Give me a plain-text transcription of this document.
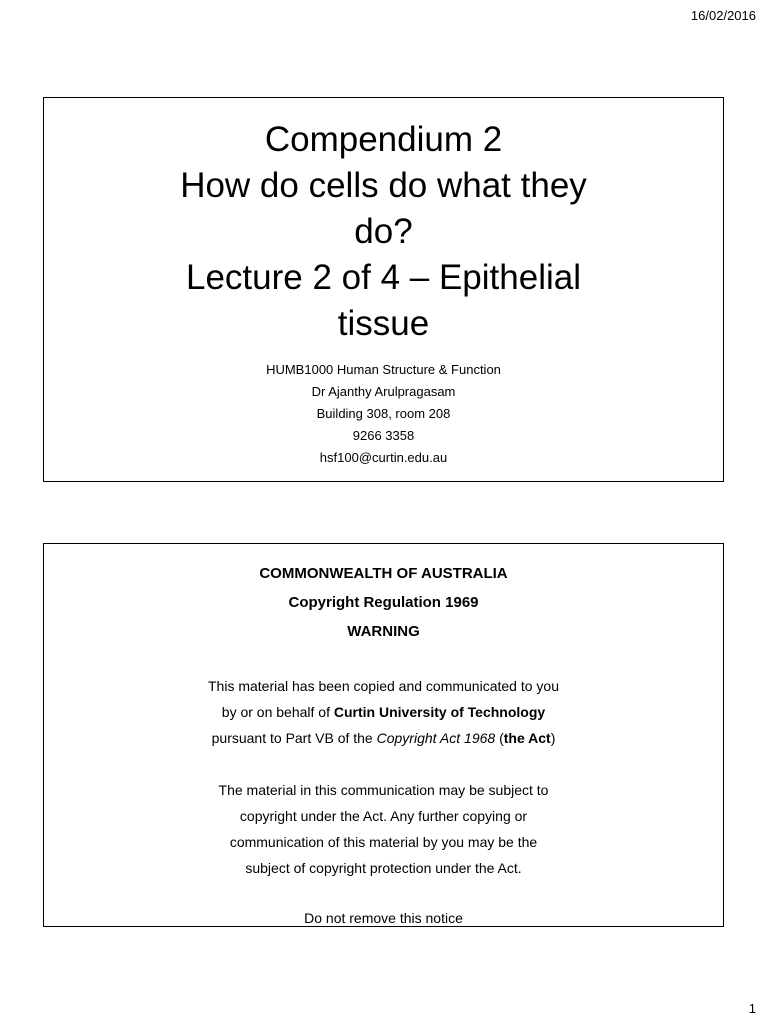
16/02/2016
Compendium 2
How do cells do what they
do?
Lecture 2 of 4 – Epithelial
tissue
HUMB1000 Human Structure & Function
Dr Ajanthy Arulpragasam
Building 308, room 208
9266 3358
hsf100@curtin.edu.au
COMMONWEALTH OF AUSTRALIA
Copyright Regulation 1969
WARNING
This material has been copied and communicated to you
by or on behalf of Curtin University of Technology
pursuant to Part VB of the Copyright Act 1968 (the Act)
The material in this communication may be subject to
copyright under the Act. Any further copying or
communication of this material by you may be the
subject of copyright protection under the Act.
Do not remove this notice
1
